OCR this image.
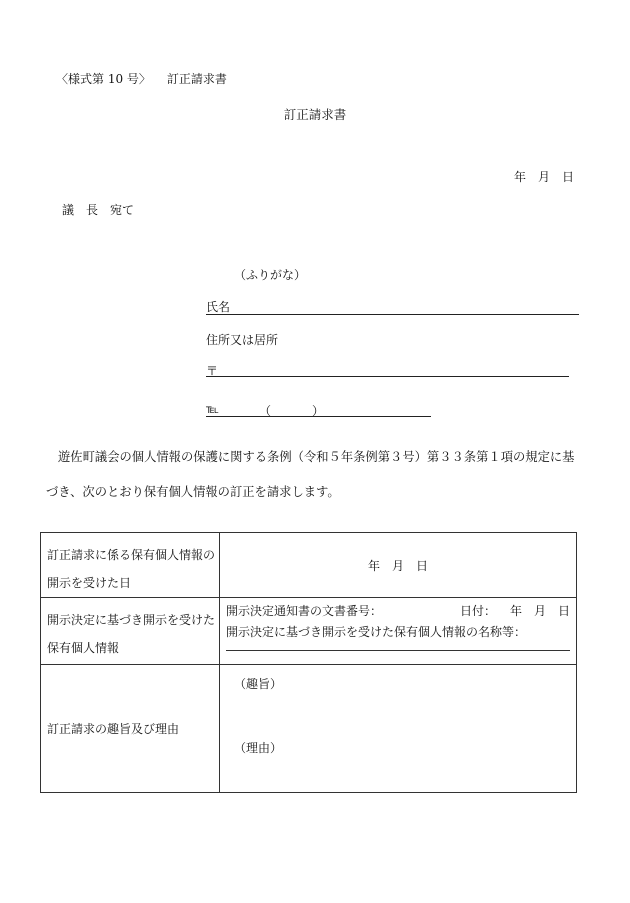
〈様式第 10 号〉 訂正請求書
訂正請求書
年　月　日
議　長　宛て
（ふりがな）
氏名
住所又は居所
〒
℡	（	）
遊佐町議会の個人情報の保護に関する条例（令和５年条例第３号）第３３条第１項の規定に基づき、次のとおり保有個人情報の訂正を請求します。
訂正請求に係る保有個人情報の開示を受けた日	年　月　日
開示決定に基づき開示を受けた保有個人情報	開示決定通知書の文書番号： 日付： 年　月　日
開示決定に基づき開示を受けた保有個人情報の名称等：

訂正請求の趣旨及び理由	（趣旨）
（理由）
